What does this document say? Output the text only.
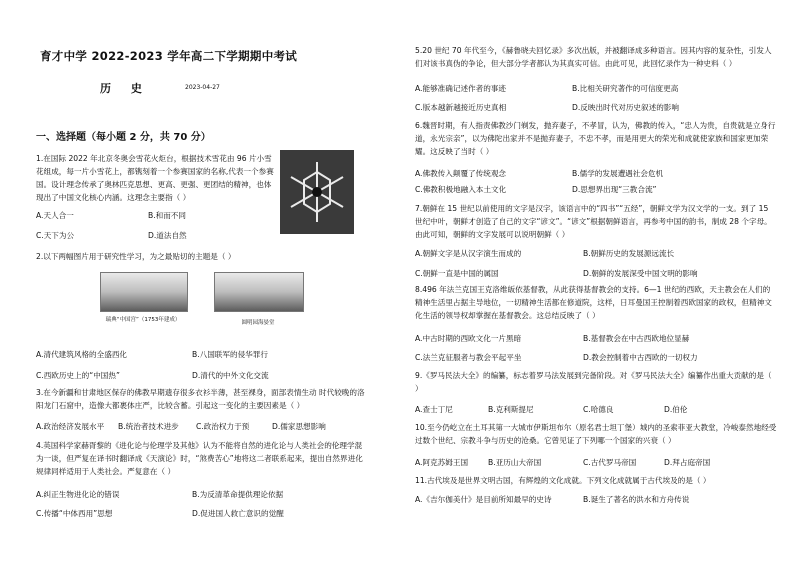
育才中学 2022-2023 学年高二下学期期中考试
历 史	2023-04-27
一、选择题（每小题 2 分，共 70 分）
1.在国际 2022 年北京冬奥会雪花火炬台，根据技术雪花由 96 片小雪花组成，每一片小雪花上，都镌刻着一个参赛国家的名称,代表一个参赛国。设计理念传承了奥林匹克思想、更高、更强、更团结的精神，也体现出了中国文化核心内涵。这理念主要指（ ）
A.天人合一	B.和而不同
C.天下为公	D.道法自然
2.以下两幅图片用于研究性学习，为之最贴切的主题是（ ）
瑞典“中国宫”（1753年建成）	圆明园海晏堂
A.清代建筑风格的全盛西化	B.八国联军的侵华罪行
C.西欧历史上的“中国热”	D.清代的中外文化交流
3.在今新疆和甘肃地区保存的佛教早期遗存很多衣衫半薄，甚至裸身，面部表情生动 时代较晚的洛阳龙门石窟中，造像大都裹体庄严，比较含蓄。引起这一变化的主要因素是（ ）
A.政治经济发展水平 B.统治者技术进步 C.政治权力于预	D.儒家思想影响
4.英国科学家赫胥黎的《进化论与伦理学及其他》认为不能将自然的进化论与人类社会的伦理学混为一谈，但严复在译书时翻译成《天演论》时，“煞费苦心”地将这二者联系起来，提出自然界进化规律同样适用于人类社会。严复意在（ ）
A.纠正生物进化论的错误	B.为反清革命提供理论依据
C.传播“中体西用”思想	D.促进国人救亡意识的觉醒
5.20 世纪 70 年代至今，《赫鲁晓夫回忆录》多次出版，并被翻译成多种语言。因其内容的复杂性，引发人们对该书真伪的争论，但大部分学者都认为其真实可信。由此可见，此回忆录作为一种史料（ ）
A.能够准确记述作者的事迹	B.比相关研究著作的可信度更高
C.版本越新越接近历史真相	D.反映出时代对历史叙述的影响
6.魏晋时期，有人指责佛教沙门剃发，抛弃妻子，不孝冒，认为，佛教的传入，“忠人为贵，自贵就是立身行道，永光宗亲”，以为佛陀出家并不是抛弃妻子，不忠不孝，而是用更大的荣光和成就使家族和国家更加荣耀。这反映了当时（ ）
A.佛教传入颠覆了传统观念	B.儒学的发展遭遇社会危机
C.佛教积极地融入本土文化	D.思想界出现“三教合流”
7.朝鲜在 15 世纪以前使用的文字是汉字，该语言中的“四书”“五经”，朝鲜文学为汉文学的一支。到了 15 世纪中叶，朝鲜才创造了自己的文字“谚文”。“谚文”根据朝鲜语言，再参考中国的韵书，制成 28 个字母。由此可知，朝鲜的文字发展可以说明朝鲜（ ）
A.朝鲜文字是从汉字演生而成的	B.朝鲜历史的发展源远流长
C.朝鲜一直是中国的属国	D.朝鲜的发展深受中国文明的影响
8.496 年法兰克国王克洛维皈依基督教，从此获得基督教会的支持。6—1 世纪的西欧，天主教会在人们的精神生活里占据主导地位，一切精神生活都在修道院，这样，日耳曼国王控制着西欧国家的政权，但精神文化生活的领导权却掌握在基督教会。这总结反映了（ ）
A.中古时期的西欧文化一片黑暗	B.基督教会在中古西欧地位显赫
C.法兰克征服者与教会平起平坐	D.教会控制着中古西欧的一切权力
9.《罗马民法大全》的编纂，标志着罗马法发展到完备阶段。对《罗马民法大全》编纂作出重大贡献的是（ ）
A.查士丁尼	B.克利斯提尼	C.哈德良	D.伯伦
10.至今仍屹立在土耳其第一大城市伊斯坦布尔（原名君士坦丁堡）城内的圣索菲亚大教堂，冷峻泰然地经受过数个世纪、宗教斗争与历史的沧桑。它曾见证了下列哪一个国家的兴衰（ ）
A.阿克苏姆王国	B.亚历山大帝国	C.古代罗马帝国	D.拜占庭帝国
11.古代埃及是世界文明古国，有辉煌的文化成就。下列文化成就属于古代埃及的是（ ）
A.《吉尔伽美什》是目前所知最早的史诗	B.诞生了著名的洪水和方舟传说
